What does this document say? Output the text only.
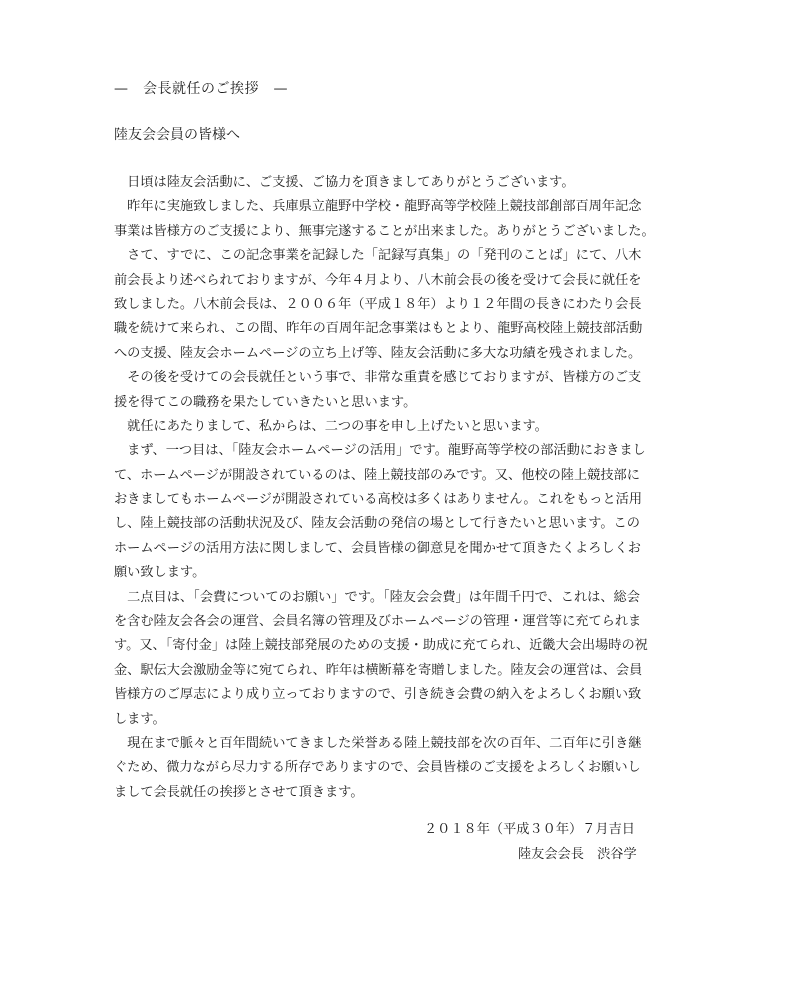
—　会長就任のご挨拶　—
陸友会会員の皆様へ
　日頃は陸友会活動に、ご支援、ご協力を頂きましてありがとうございます。
　昨年に実施致しました、兵庫県立龍野中学校・龍野高等学校陸上競技部創部百周年記念
事業は皆様方のご支援により、無事完遂することが出来ました。ありがとうございました。
　さて、すでに、この記念事業を記録した「記録写真集」の「発刊のことば」にて、八木
前会長より述べられておりますが、今年４月より、八木前会長の後を受けて会長に就任を
致しました。八木前会長は、２００６年（平成１８年）より１２年間の長きにわたり会長
職を続けて来られ、この間、昨年の百周年記念事業はもとより、龍野高校陸上競技部活動
への支援、陸友会ホームページの立ち上げ等、陸友会活動に多大な功績を残されました。
　その後を受けての会長就任という事で、非常な重責を感じておりますが、皆様方のご支
援を得てこの職務を果たしていきたいと思います。
　就任にあたりまして、私からは、二つの事を申し上げたいと思います。
　まず、一つ目は、「陸友会ホームページの活用」です。龍野高等学校の部活動におきまし
て、ホームページが開設されているのは、陸上競技部のみです。又、他校の陸上競技部に
おきましてもホームページが開設されている高校は多くはありません。これをもっと活用
し、陸上競技部の活動状況及び、陸友会活動の発信の場として行きたいと思います。この
ホームページの活用方法に関しまして、会員皆様の御意見を聞かせて頂きたくよろしくお
願い致します。
　二点目は、「会費についてのお願い」です。「陸友会会費」は年間千円で、これは、総会
を含む陸友会各会の運営、会員名簿の管理及びホームページの管理・運営等に充てられま
す。又、「寄付金」は陸上競技部発展のための支援・助成に充てられ、近畿大会出場時の祝
金、駅伝大会激励金等に宛てられ、昨年は横断幕を寄贈しました。陸友会の運営は、会員
皆様方のご厚志により成り立っておりますので、引き続き会費の納入をよろしくお願い致
します。
　現在まで脈々と百年間続いてきました栄誉ある陸上競技部を次の百年、二百年に引き継
ぐため、微力ながら尽力する所存でありますので、会員皆様のご支援をよろしくお願いし
まして会長就任の挨拶とさせて頂きます。
２０１８年（平成３０年）７月吉日
陸友会会長　渋谷学
